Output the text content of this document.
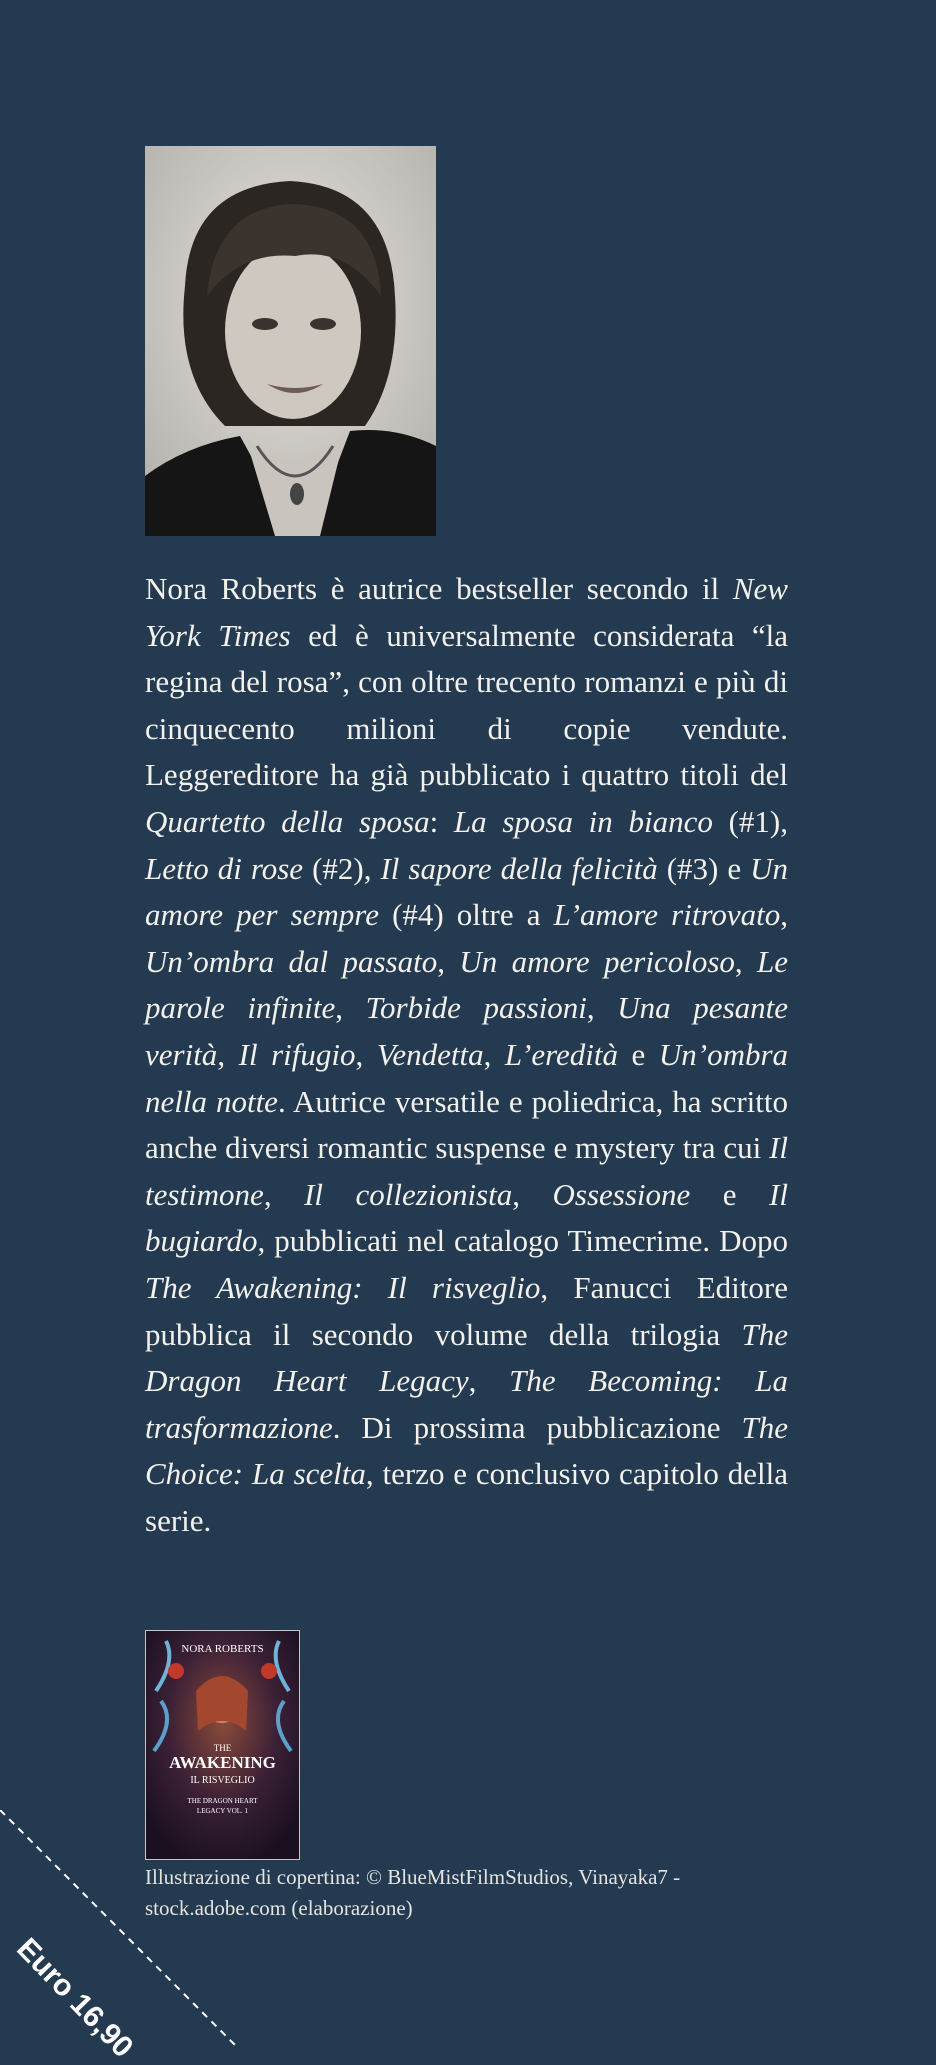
Nora Roberts è autrice bestseller secondo il New York Times ed è universalmente considerata “la regina del rosa”, con oltre trecento romanzi e più di cinquecento milioni di copie vendute. Leggereditore ha già pubblicato i quattro titoli del Quartetto della sposa: La sposa in bianco (#1), Letto di rose (#2), Il sapore della felicità (#3) e Un amore per sempre (#4) oltre a L’amore ritrovato, Un’ombra dal passato, Un amore pericoloso, Le parole infinite, Torbide passioni, Una pesante verità, Il rifugio, Vendetta, L’eredità e Un’ombra nella notte. Autrice versatile e poliedrica, ha scritto anche diversi romantic suspense e mystery tra cui Il testimone, Il collezionista, Ossessione e Il bugiardo, pubblicati nel catalogo Timecrime. Dopo The Awakening: Il risveglio, Fanucci Editore pubblica il secondo volume della trilogia The Dragon Heart Legacy, The Becoming: La trasformazione. Di prossima pubblicazione The Choice: La scelta, terzo e conclusivo capitolo della serie.

NORA ROBERTS
THE
AWAKENING
IL RISVEGLIO
THE DRAGON HEART
LEGACY VOL. 1

Illustrazione di copertina: © BlueMistFilmStudios, Vinayaka7 - stock.adobe.com (elaborazione)

Euro 16,90
